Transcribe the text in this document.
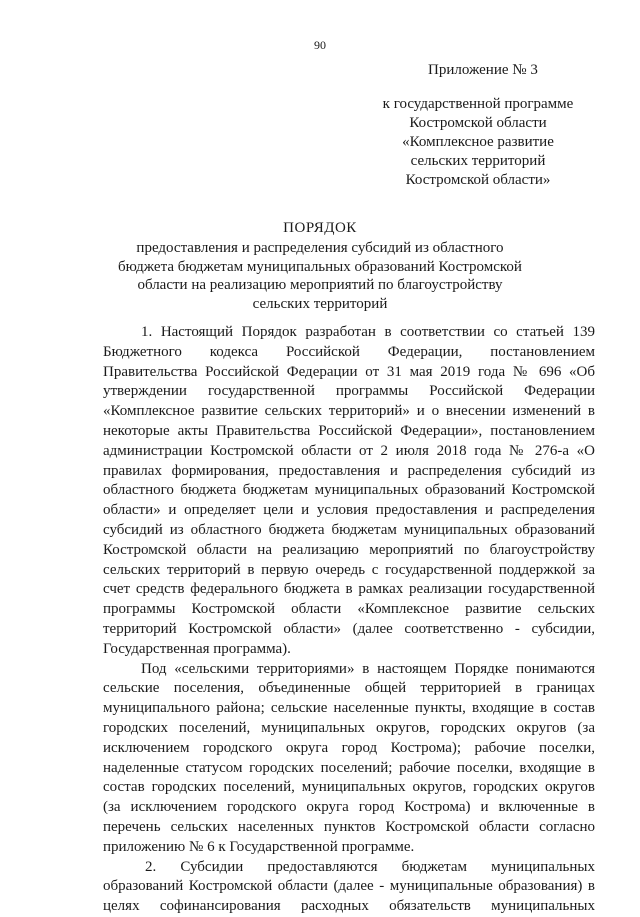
90
Приложение № 3
к государственной программе
Костромской области
«Комплексное развитие
сельских территорий
Костромской области»
ПОРЯДОК
предоставления и распределения субсидий из областного
бюджета бюджетам муниципальных образований Костромской
области на реализацию мероприятий по благоустройству
сельских территорий
1. Настоящий Порядок разработан в соответствии со статьей 139
Бюджетного кодекса Российской Федерации, постановлением
Правительства Российской Федерации от 31 мая 2019 года № 696 «Об
утверждении государственной программы Российской Федерации
«Комплексное развитие сельских территорий» и о внесении изменений в
некоторые акты Правительства Российской Федерации», постановлением
администрации Костромской области от 2 июля 2018 года № 276-а «О
правилах формирования, предоставления и распределения субсидий из
областного бюджета бюджетам муниципальных образований Костромской
области» и определяет цели и условия предоставления и распределения
субсидий из областного бюджета бюджетам муниципальных образований
Костромской области на реализацию мероприятий по благоустройству
сельских территорий в первую очередь с государственной поддержкой за
счет средств федерального бюджета в рамках реализации государственной
программы Костромской области «Комплексное развитие сельских
территорий Костромской области» (далее соответственно - субсидии,
Государственная программа).
Под «сельскими территориями» в настоящем Порядке понимаются
сельские поселения, объединенные общей территорией в границах
муниципального района; сельские населенные пункты, входящие в состав
городских поселений, муниципальных округов, городских округов (за
исключением городского округа город Кострома); рабочие поселки,
наделенные статусом городских поселений; рабочие поселки, входящие в
состав городских поселений, муниципальных округов, городских округов
(за исключением городского округа город Кострома) и включенные в
перечень сельских населенных пунктов Костромской области согласно
приложению № 6 к Государственной программе.
2. Субсидии предоставляются бюджетам муниципальных
образований Костромской области (далее - муниципальные образования) в
целях софинансирования расходных обязательств муниципальных
